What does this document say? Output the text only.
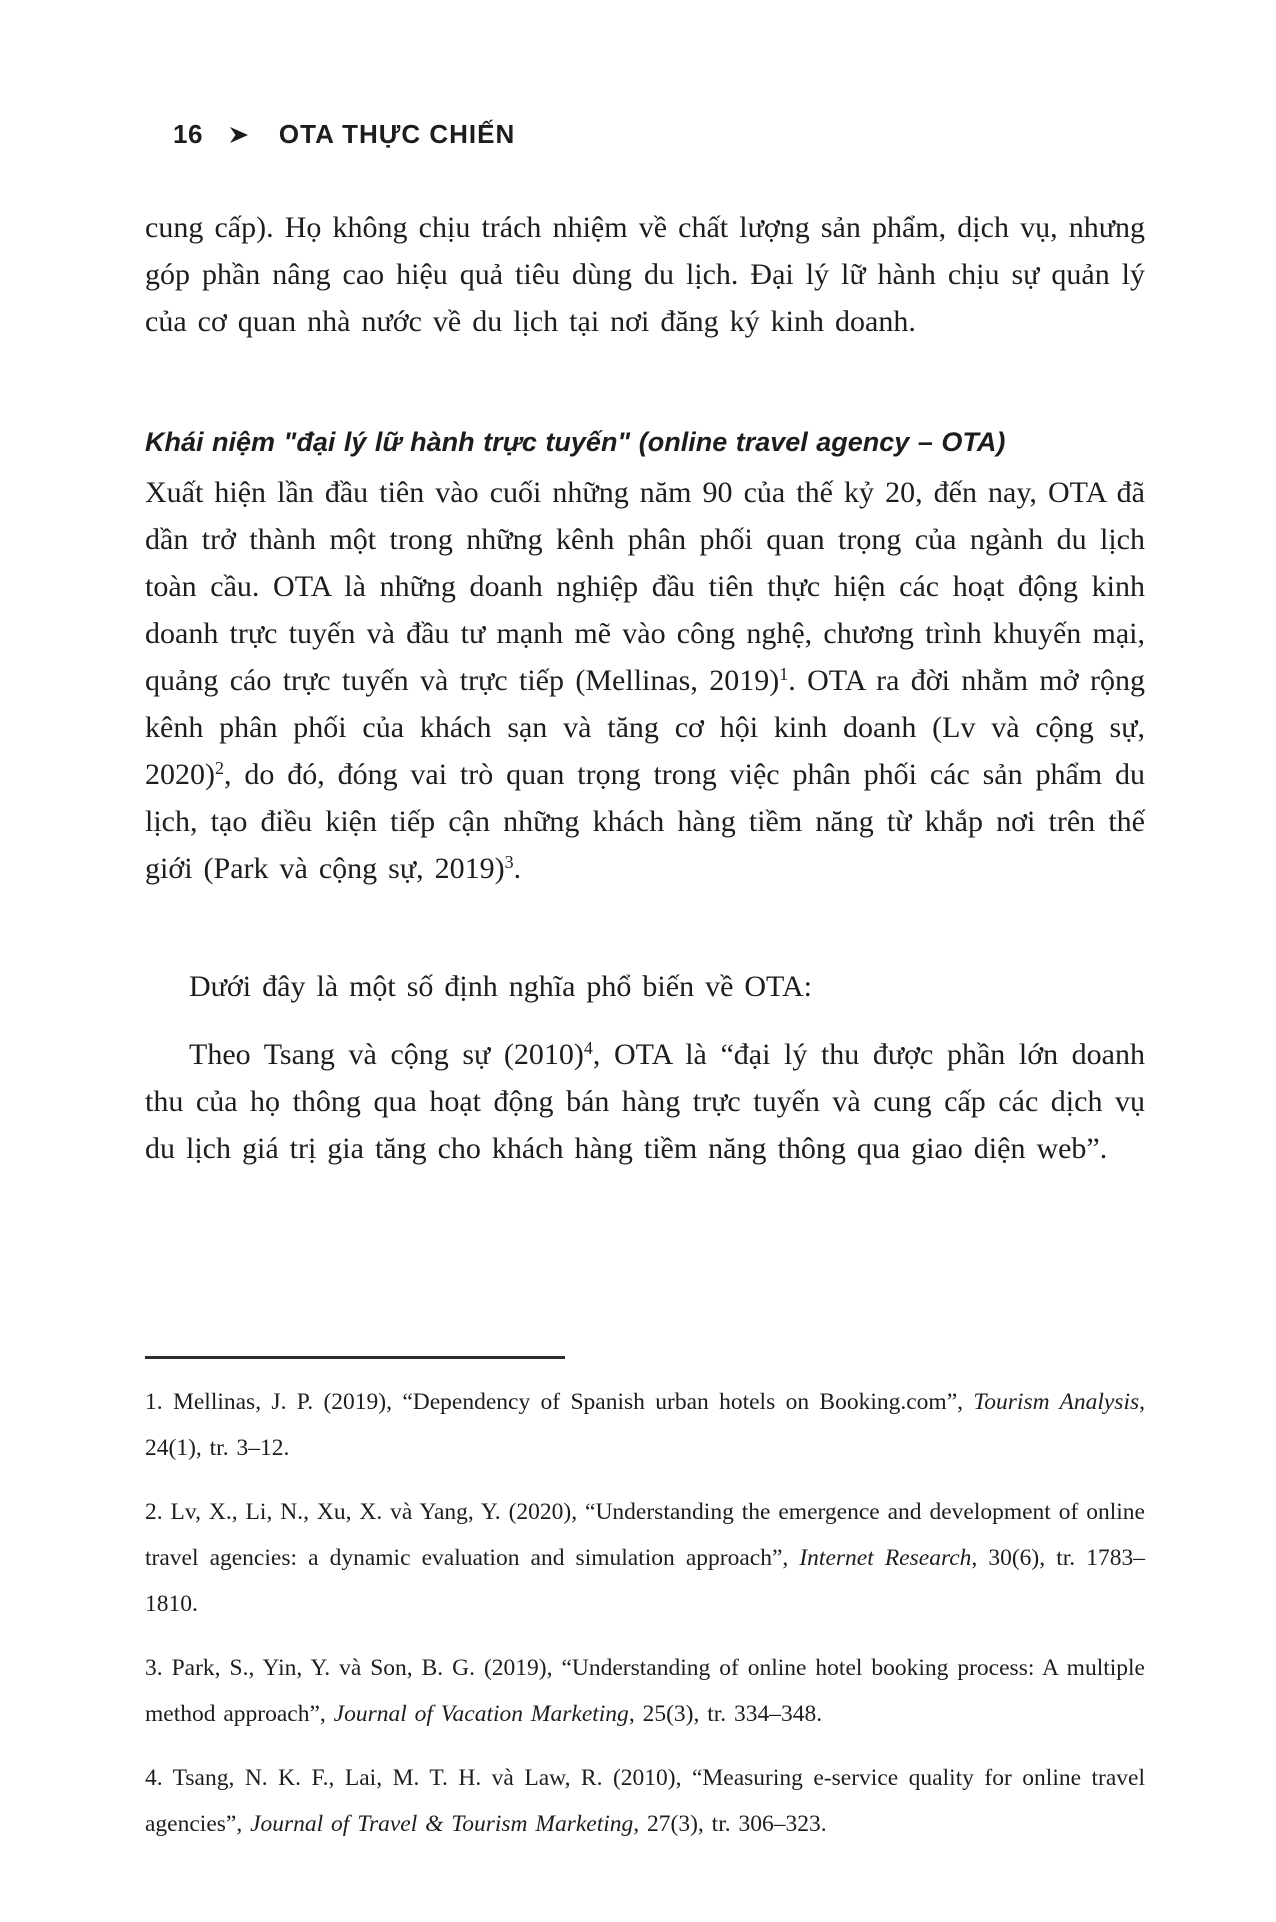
16	OTA THỰC CHIẾN

cung cấp). Họ không chịu trách nhiệm về chất lượng sản phẩm, dịch vụ, nhưng góp phần nâng cao hiệu quả tiêu dùng du lịch. Đại lý lữ hành chịu sự quản lý của cơ quan nhà nước về du lịch tại nơi đăng ký kinh doanh.

Khái niệm "đại lý lữ hành trực tuyến" (online travel agency – OTA)

Xuất hiện lần đầu tiên vào cuối những năm 90 của thế kỷ 20, đến nay, OTA đã dần trở thành một trong những kênh phân phối quan trọng của ngành du lịch toàn cầu. OTA là những doanh nghiệp đầu tiên thực hiện các hoạt động kinh doanh trực tuyến và đầu tư mạnh mẽ vào công nghệ, chương trình khuyến mại, quảng cáo trực tuyến và trực tiếp (Mellinas, 2019)$^1$. OTA ra đời nhằm mở rộng kênh phân phối của khách sạn và tăng cơ hội kinh doanh (Lv và cộng sự, 2020)$^2$, do đó, đóng vai trò quan trọng trong việc phân phối các sản phẩm du lịch, tạo điều kiện tiếp cận những khách hàng tiềm năng từ khắp nơi trên thế giới (Park và cộng sự, 2019)$^3$.

Dưới đây là một số định nghĩa phổ biến về OTA:

Theo Tsang và cộng sự $(2010)^4$, OTA là “đại lý thu được phần lớn doanh thu của họ thông qua hoạt động bán hàng trực tuyến và cung cấp các dịch vụ du lịch giá trị gia tăng cho khách hàng tiềm năng thông qua giao diện web”.

1. Mellinas, J. P. (2019), “Dependency of Spanish urban hotels on Booking.com”, Tourism Analysis, 24(1), tr. 3–12.

2. Lv, X., Li, N., Xu, X. và Yang, Y. (2020), “Understanding the emergence and development of online travel agencies: a dynamic evaluation and simulation approach”, Internet Research, 30(6), tr. 1783–1810.

3. Park, S., Yin, Y. và Son, B. G. (2019), “Understanding of online hotel booking process: A multiple method approach”, Journal of Vacation Marketing, 25(3), tr. 334–348.

4. Tsang, N. K. F., Lai, M. T. H. và Law, R. (2010), “Measuring e-service quality for online travel agencies”, Journal of Travel & Tourism Marketing, 27(3), tr. 306–323.
